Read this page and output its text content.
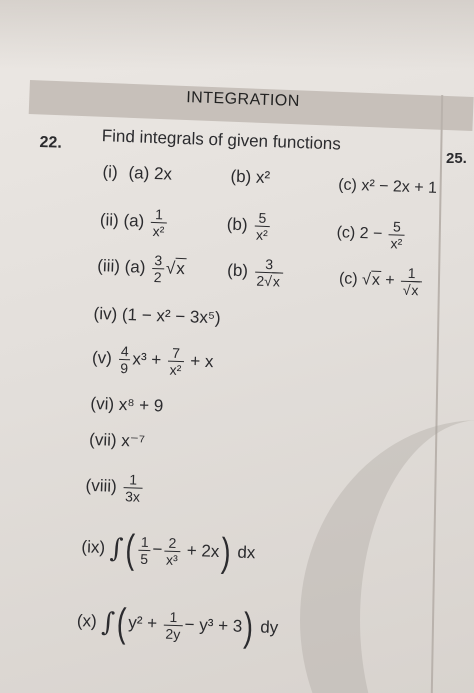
INTEGRATION
22. Find integrals of given functions
(i) (a) 2x	(b) x²	(c) x² − 2x + 1
(ii) $(a) \frac{1}{\text{x²}}$	$(b) \frac{5}{\text{x²}}$	(c) $2 - \frac{5}{\text{x²}}$
(iii) $(a) \frac{3}{2} √x$ $(b) \frac{3}{2√x}$	(c) $√x + \frac{1}{√x}$
(iv) (1 − x² − 3x⁵)
$(v) \frac{4}{9} x^3 + \frac{7}{\text{x²}} + x$
(vi) x⁸ + 9
(vii) x⁻⁷
(viii) $\frac{1}{3x}$
(ix) ∫( $\frac{1}{5} - \frac{2}{\text{x³}} + 2x$) dx
(x) $\int(y^2 + \frac{1}{2y} - y^3 + 3)$ dy
25.
